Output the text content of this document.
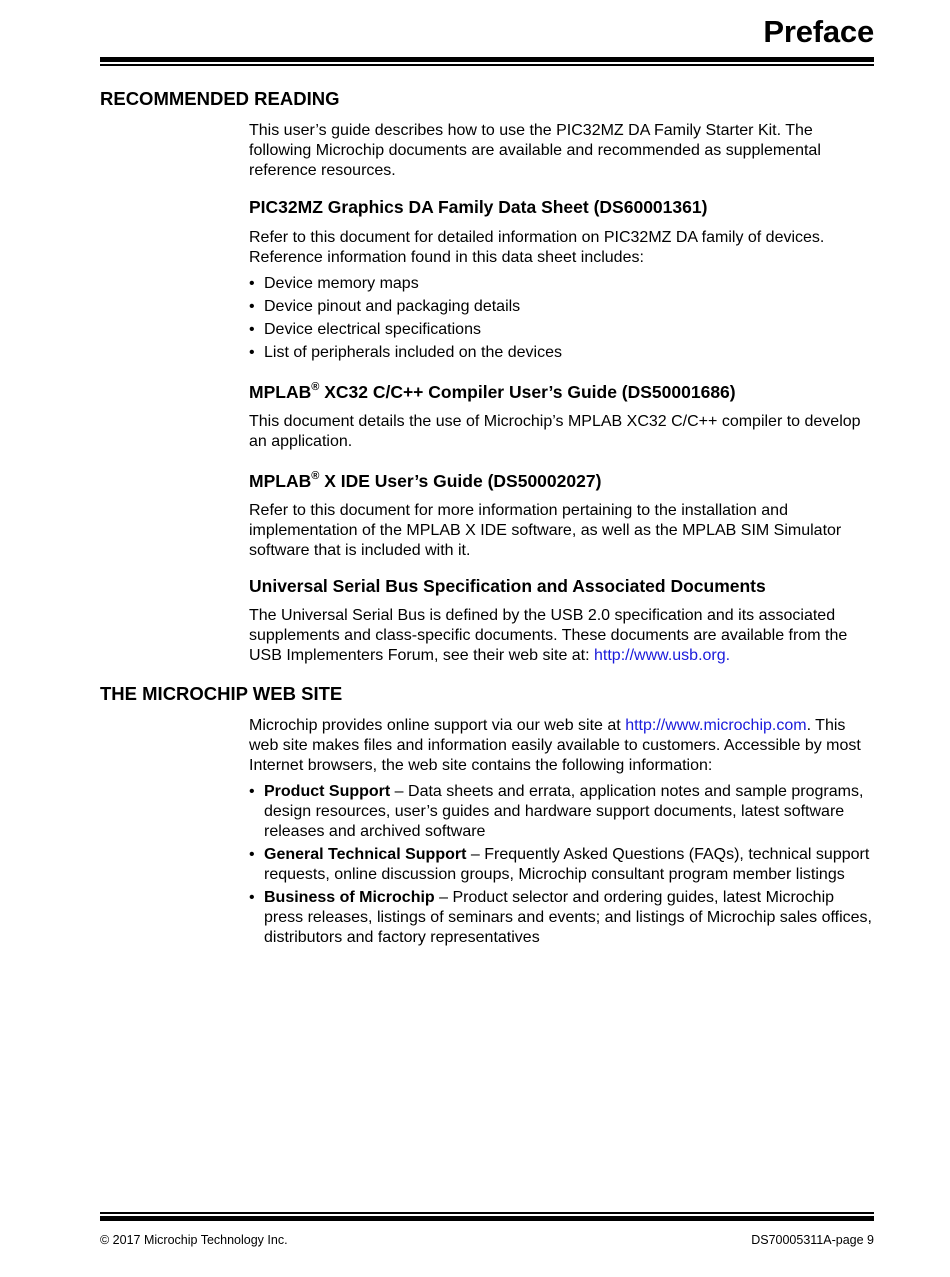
Preface
RECOMMENDED READING

This user’s guide describes how to use the PIC32MZ DA Family Starter Kit. The following Microchip documents are available and recommended as supplemental reference resources.

PIC32MZ Graphics DA Family Data Sheet (DS60001361)

Refer to this document for detailed information on PIC32MZ DA family of devices. Reference information found in this data sheet includes:

• Device memory maps
• Device pinout and packaging details
• Device electrical specifications
• List of peripherals included on the devices

MPLAB® XC32 C/C++ Compiler User’s Guide (DS50001686)

This document details the use of Microchip’s MPLAB XC32 C/C++ compiler to develop an application.

MPLAB® X IDE User’s Guide (DS50002027)

Refer to this document for more information pertaining to the installation and implementation of the MPLAB X IDE software, as well as the MPLAB SIM Simulator software that is included with it.

Universal Serial Bus Specification and Associated Documents

The Universal Serial Bus is defined by the USB 2.0 specification and its associated supplements and class-specific documents. These documents are available from the USB Implementers Forum, see their web site at: http://www.usb.org.

THE MICROCHIP WEB SITE

Microchip provides online support via our web site at http://www.microchip.com. This web site makes files and information easily available to customers. Accessible by most Internet browsers, the web site contains the following information:

• Product Support – Data sheets and errata, application notes and sample programs, design resources, user’s guides and hardware support documents, latest software releases and archived software
• General Technical Support – Frequently Asked Questions (FAQs), technical support requests, online discussion groups, Microchip consultant program member listings
• Business of Microchip – Product selector and ordering guides, latest Microchip press releases, listings of seminars and events; and listings of Microchip sales offices, distributors and factory representatives
© 2017 Microchip Technology Inc.	DS70005311A-page 9
